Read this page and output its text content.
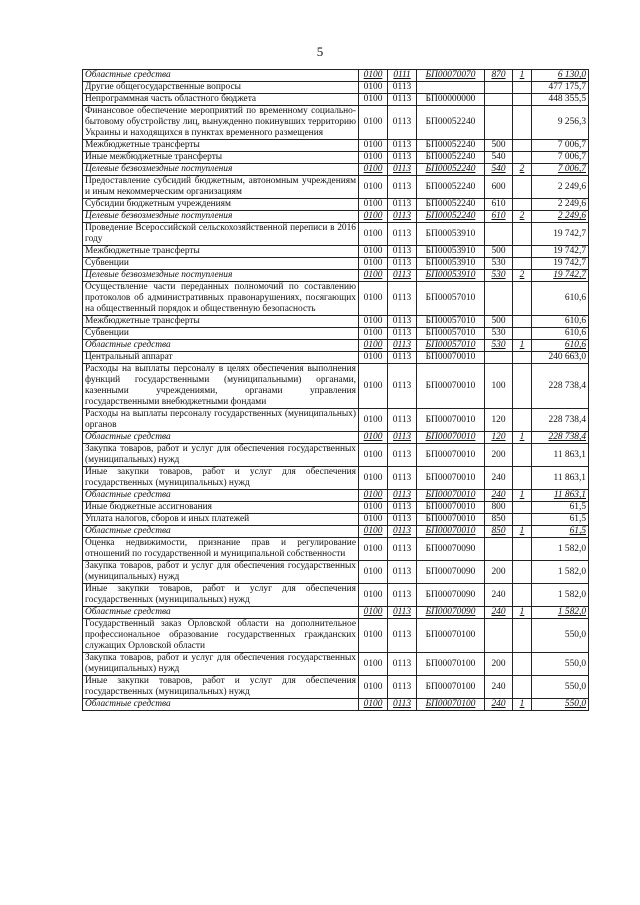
5
Областные средства	0100	0111	БП00070070	870	1	6 130,0
Другие общегосударственные вопросы	0100	0113				477 175,7
Непрограммная часть областного бюджета	0100	0113	БП00000000			448 355,5
Финансовое обеспечение мероприятий по временному социально-бытовому обустройству лиц, вынужденно покинувших территорию Украины и находящихся в пунктах временного размещения	0100	0113	БП00052240			9 256,3
Межбюджетные трансферты	0100	0113	БП00052240	500		7 006,7
Иные межбюджетные трансферты	0100	0113	БП00052240	540		7 006,7
Целевые безвозмездные поступления	0100	0113	БП00052240	540	2	7 006,7
Предоставление субсидий бюджетным, автономным учреждениям и иным некоммерческим организациям	0100	0113	БП00052240	600		2 249,6
Субсидии бюджетным учреждениям	0100	0113	БП00052240	610		2 249,6
Целевые безвозмездные поступления	0100	0113	БП00052240	610	2	2 249,6
Проведение Всероссийской сельскохозяйственной переписи в 2016 году	0100	0113	БП00053910			19 742,7
Межбюджетные трансферты	0100	0113	БП00053910	500		19 742,7
Субвенции	0100	0113	БП00053910	530		19 742,7
Целевые безвозмездные поступления	0100	0113	БП00053910	530	2	19 742,7
Осуществление части переданных полномочий по составлению протоколов об административных правонарушениях, посягающих на общественный порядок и общественную безопасность	0100	0113	БП00057010			610,6
Межбюджетные трансферты	0100	0113	БП00057010	500		610,6
Субвенции	0100	0113	БП00057010	530		610,6
Областные средства	0100	0113	БП00057010	530	1	610,6
Центральный аппарат	0100	0113	БП00070010			240 663,0
Расходы на выплаты персоналу в целях обеспечения выполнения функций государственными (муниципальными) органами, казенными учреждениями, органами управления государственными внебюджетными фондами	0100	0113	БП00070010	100		228 738,4
Расходы на выплаты персоналу государственных (муниципальных) органов	0100	0113	БП00070010	120		228 738,4
Областные средства	0100	0113	БП00070010	120	1	228 738,4
Закупка товаров, работ и услуг для обеспечения государственных (муниципальных) нужд	0100	0113	БП00070010	200		11 863,1
Иные закупки товаров, работ и услуг для обеспечения государственных (муниципальных) нужд	0100	0113	БП00070010	240		11 863,1
Областные средства	0100	0113	БП00070010	240	1	11 863,1
Иные бюджетные ассигнования	0100	0113	БП00070010	800		61,5
Уплата налогов, сборов и иных платежей	0100	0113	БП00070010	850		61,5
Областные средства	0100	0113	БП00070010	850	1	61,5
Оценка недвижимости, признание прав и регулирование отношений по государственной и муниципальной собственности	0100	0113	БП00070090			1 582,0
Закупка товаров, работ и услуг для обеспечения государственных (муниципальных) нужд	0100	0113	БП00070090	200		1 582,0
Иные закупки товаров, работ и услуг для обеспечения государственных (муниципальных) нужд	0100	0113	БП00070090	240		1 582,0
Областные средства	0100	0113	БП00070090	240	1	1 582,0
Государственный заказ Орловской области на дополнительное профессиональное образование государственных гражданских служащих Орловской области	0100	0113	БП00070100			550,0
Закупка товаров, работ и услуг для обеспечения государственных (муниципальных) нужд	0100	0113	БП00070100	200		550,0
Иные закупки товаров, работ и услуг для обеспечения государственных (муниципальных) нужд	0100	0113	БП00070100	240		550,0
Областные средства	0100	0113	БП00070100	240	1	550,0
